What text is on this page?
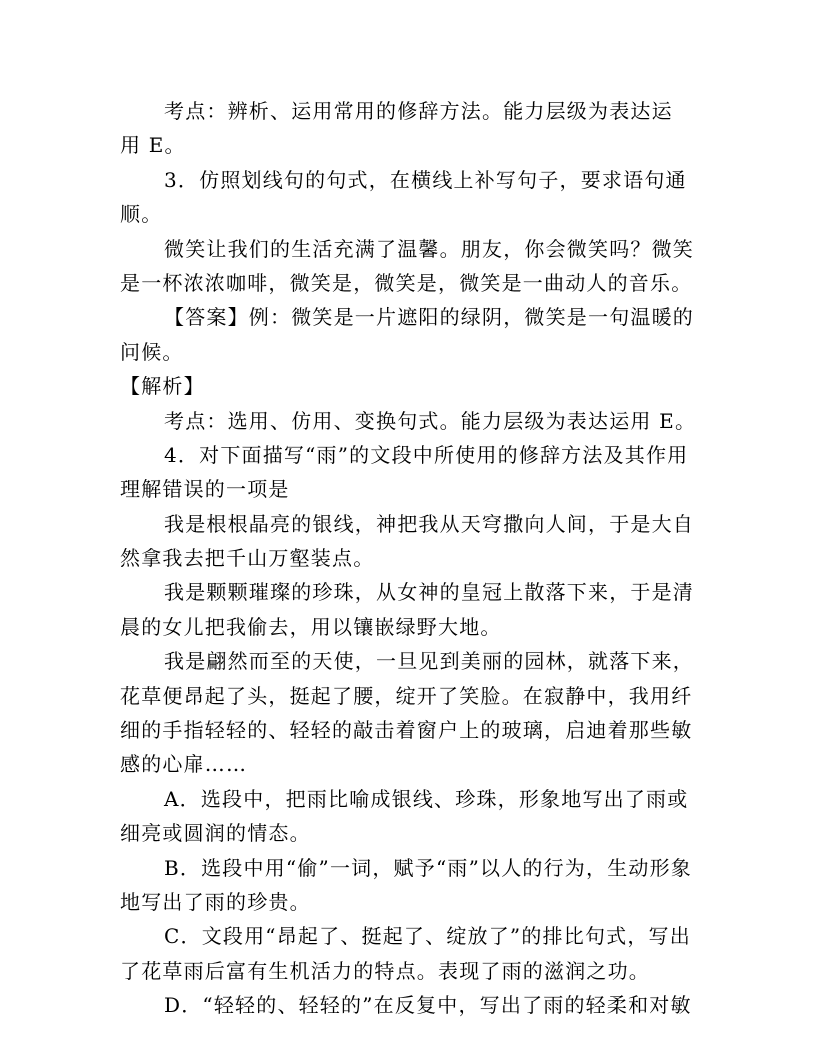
考点：辨析、运用常用的修辞方法。能力层级为表达运
用 E。
3．仿照划线句的句式，在横线上补写句子，要求语句通
顺。
微笑让我们的生活充满了温馨。朋友，你会微笑吗？微笑
是一杯浓浓咖啡，微笑是，微笑是，微笑是一曲动人的音乐。
【答案】例：微笑是一片遮阳的绿阴，微笑是一句温暖的
问候。
【解析】
考点：选用、仿用、变换句式。能力层级为表达运用 E。
4．对下面描写“雨”的文段中所使用的修辞方法及其作用
理解错误的一项是
我是根根晶亮的银线，神把我从天穹撒向人间，于是大自
然拿我去把千山万壑装点。
我是颗颗璀璨的珍珠，从女神的皇冠上散落下来，于是清
晨的女儿把我偷去，用以镶嵌绿野大地。
我是翩然而至的天使，一旦见到美丽的园林，就落下来，
花草便昂起了头，挺起了腰，绽开了笑脸。在寂静中，我用纤
细的手指轻轻的、轻轻的敲击着窗户上的玻璃，启迪着那些敏
感的心扉……
A．选段中，把雨比喻成银线、珍珠，形象地写出了雨或
细亮或圆润的情态。
B．选段中用“偷”一词，赋予“雨”以人的行为，生动形象
地写出了雨的珍贵。
C．文段用“昂起了、挺起了、绽放了”的排比句式，写出
了花草雨后富有生机活力的特点。表现了雨的滋润之功。
D．“轻轻的、轻轻的”在反复中，写出了雨的轻柔和对敏
